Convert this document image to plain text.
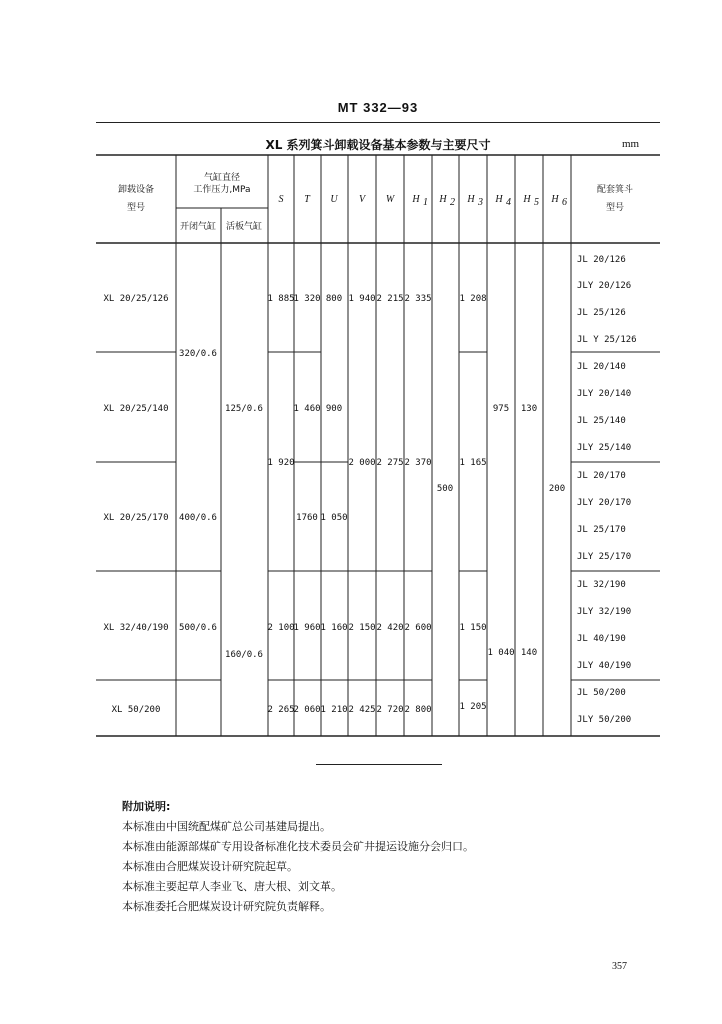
MT 332—93
XL 系列箕斗卸载设备基本参数与主要尺寸	mm
卸载设备
型号
气缸直径
工作压力,MPa
开闭气缸 活板气缸
S T U V W H 1 H 2 H 3 H 4 H 5 H 6
配套箕斗
型号
XL 20/25/126
XL 20/25/140
XL 20/25/170
XL 32/40/190
XL 50/200
320/0.6
400/0.6
500/0.6
125/0.6
160/0.6
1 885
1 920
2 100
2 265
1 320
1 460
1760
1 960
2 060
800
900
1 050
1 160
1 210
1 940
2 000
2 150
2 425
2 215
2 275
2 420
2 720
2 335
2 370
2 600
2 800
500
1 208
1 165
1 150
1 205
975
1 040
130
140
200
JL 20/126
JLY 20/126
JL 25/126
JL Y 25/126
JL 20/140
JLY 20/140
JL 25/140
JLY 25/140
JL 20/170
JLY 20/170
JL 25/170
JLY 25/170
JL 32/190
JLY 32/190
JL 40/190
JLY 40/190
JL 50/200
JLY 50/200
附加说明:
本标准由中国统配煤矿总公司基建局提出。
本标准由能源部煤矿专用设备标准化技术委员会矿井提运设施分会归口。
本标准由合肥煤炭设计研究院起草。
本标准主要起草人李业飞、唐大根、刘文革。
本标准委托合肥煤炭设计研究院负责解释。
357
